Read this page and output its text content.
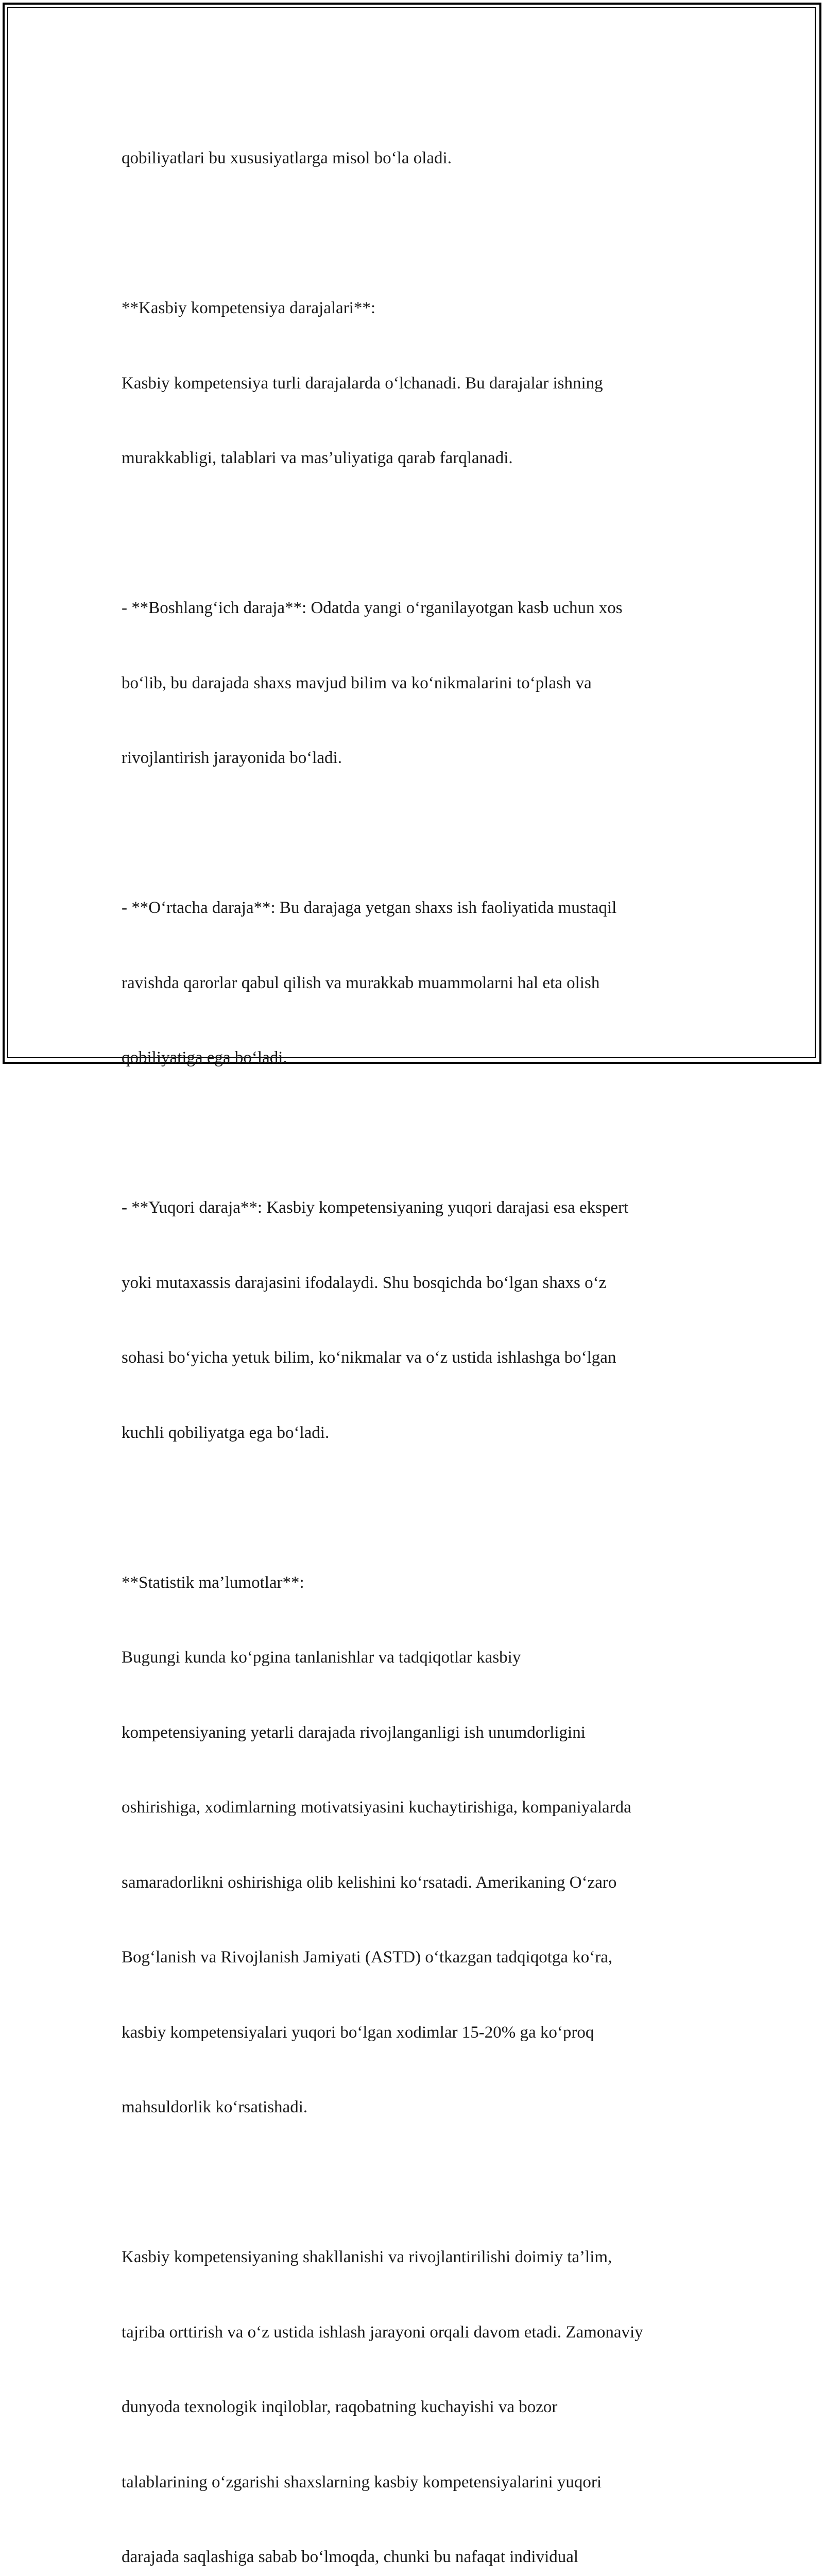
qobiliyatlari bu xususiyatlarga misol bo‘la oladi.

**Kasbiy kompetensiya darajalari**:

Kasbiy kompetensiya turli darajalarda o‘lchanadi. Bu darajalar ishning

murakkabligi, talablari va mas’uliyatiga qarab farqlanadi.

- **Boshlang‘ich daraja**: Odatda yangi o‘rganilayotgan kasb uchun xos

bo‘lib, bu darajada shaxs mavjud bilim va ko‘nikmalarini to‘plash va

rivojlantirish jarayonida bo‘ladi.

- **O‘rtacha daraja**: Bu darajaga yetgan shaxs ish faoliyatida mustaqil

ravishda qarorlar qabul qilish va murakkab muammolarni hal eta olish

qobiliyatiga ega bo‘ladi.

- **Yuqori daraja**: Kasbiy kompetensiyaning yuqori darajasi esa ekspert

yoki mutaxassis darajasini ifodalaydi. Shu bosqichda bo‘lgan shaxs o‘z

sohasi bo‘yicha yetuk bilim, ko‘nikmalar va o‘z ustida ishlashga bo‘lgan

kuchli qobiliyatga ega bo‘ladi.

**Statistik ma’lumotlar**:

Bugungi kunda ko‘pgina tanlanishlar va tadqiqotlar kasbiy

kompetensiyaning yetarli darajada rivojlanganligi ish unumdorligini

oshirishiga, xodimlarning motivatsiyasini kuchaytirishiga, kompaniyalarda

samaradorlikni oshirishiga olib kelishini ko‘rsatadi. Amerikaning O‘zaro

Bog‘lanish va Rivojlanish Jamiyati (ASTD) o‘tkazgan tadqiqotga ko‘ra,

kasbiy kompetensiyalari yuqori bo‘lgan xodimlar 15-20% ga ko‘proq

mahsuldorlik ko‘rsatishadi.

Kasbiy kompetensiyaning shakllanishi va rivojlantirilishi doimiy ta’lim,

tajriba orttirish va o‘z ustida ishlash jarayoni orqali davom etadi. Zamonaviy

dunyoda texnologik inqiloblar, raqobatning kuchayishi va bozor

talablarining o‘zgarishi shaxslarning kasbiy kompetensiyalarini yuqori

darajada saqlashiga sabab bo‘lmoqda, chunki bu nafaqat individual
